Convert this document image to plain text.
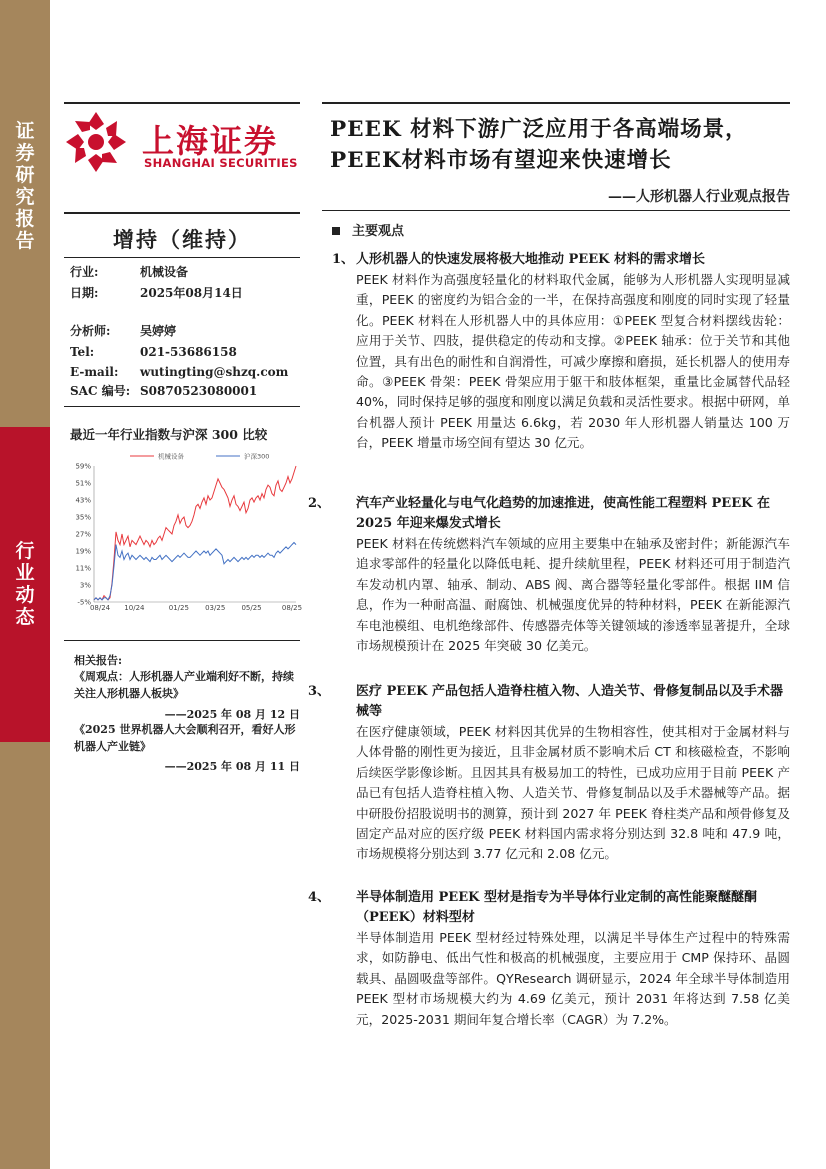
证
券
研
究
报
告
行
业
动
态
上海证券
SHANGHAI SECURITIES
PEEK 材料下游广泛应用于各高端场景，PEEK材料市场有望迎来快速增长
——人形机器人行业观点报告
增持（维持）
行业:	机械设备
日期:	2025年08月14日
分析师: 吴婷婷
Tel:	021-53686158
E-mail: wutingting@shzq.com
SAC 编号: S0870523080001
最近一年行业指数与沪深 300 比较
-5%
3%
11%
19%
27%
35%
43%
51%
59%
08/24 10/24	01/25 03/25 05/25	08/25
机械设备	沪深300
相关报告:
《周观点：人形机器人产业端利好不断，持续关注人形机器人板块》
——2025 年 08 月 12 日
《2025 世界机器人大会顺利召开，看好人形机器人产业链》
——2025 年 08 月 11 日
主要观点
1、 人形机器人的快速发展将极大地推动 PEEK 材料的需求增长
PEEK 材料作为高强度轻量化的材料取代金属，能够为人形机器人实现明显减重，PEEK 的密度约为铝合金的一半，在保持高强度和刚度的同时实现了轻量化。PEEK 材料在人形机器人中的具体应用：①PEEK 型复合材料摆线齿轮：应用于关节、四肢，提供稳定的传动和支撑。②PEEK 轴承：位于关节和其他位置，具有出色的耐性和自润滑性，可减少摩擦和磨损，延长机器人的使用寿命。③PEEK 骨架：PEEK 骨架应用于躯干和肢体框架，重量比金属替代品轻 40%，同时保持足够的强度和刚度以满足负载和灵活性要求。根据中研网，单台机器人预计 PEEK 用量达 6.6kg，若 2030 年人形机器人销量达 100 万台，PEEK 增量市场空间有望达 30 亿元。
2、 汽车产业轻量化与电气化趋势的加速推进，使高性能工程塑料 PEEK 在 2025 年迎来爆发式增长
PEEK 材料在传统燃料汽车领域的应用主要集中在轴承及密封件；新能源汽车追求零部件的轻量化以降低电耗、提升续航里程，PEEK 材料还可用于制造汽车发动机内罩、轴承、制动、ABS 阀、离合器等轻量化零部件。根据 IIM 信息，作为一种耐高温、耐腐蚀、机械强度优异的特种材料，PEEK 在新能源汽车电池模组、电机绝缘部件、传感器壳体等关键领域的渗透率显著提升，全球市场规模预计在 2025 年突破 30 亿美元。
3、 医疗 PEEK 产品包括人造脊柱植入物、人造关节、骨修复制品以及手术器械等
在医疗健康领域，PEEK 材料因其优异的生物相容性，使其相对于金属材料与人体骨骼的刚性更为接近，且非金属材质不影响术后 CT 和核磁检查，不影响后续医学影像诊断。且因其具有极易加工的特性，已成功应用于目前 PEEK 产品已有包括人造脊柱植入物、人造关节、骨修复制品以及手术器械等产品。据中研股份招股说明书的测算，预计到 2027 年 PEEK 脊柱类产品和颅骨修复及固定产品对应的医疗级 PEEK 材料国内需求将分别达到 32.8 吨和 47.9 吨，市场规模将分别达到 3.77 亿元和 2.08 亿元。
4、 半导体制造用 PEEK 型材是指专为半导体行业定制的高性能聚醚醚酮（PEEK）材料型材
半导体制造用 PEEK 型材经过特殊处理，以满足半导体生产过程中的特殊需求，如防静电、低出气性和极高的机械强度，主要应用于 CMP 保持环、晶圆载具、晶圆吸盘等部件。QYResearch 调研显示，2024 年全球半导体制造用 PEEK 型材市场规模大约为 4.69 亿美元，预计 2031 年将达到 7.58 亿美元，2025-2031 期间年复合增长率（CAGR）为 7.2%。
